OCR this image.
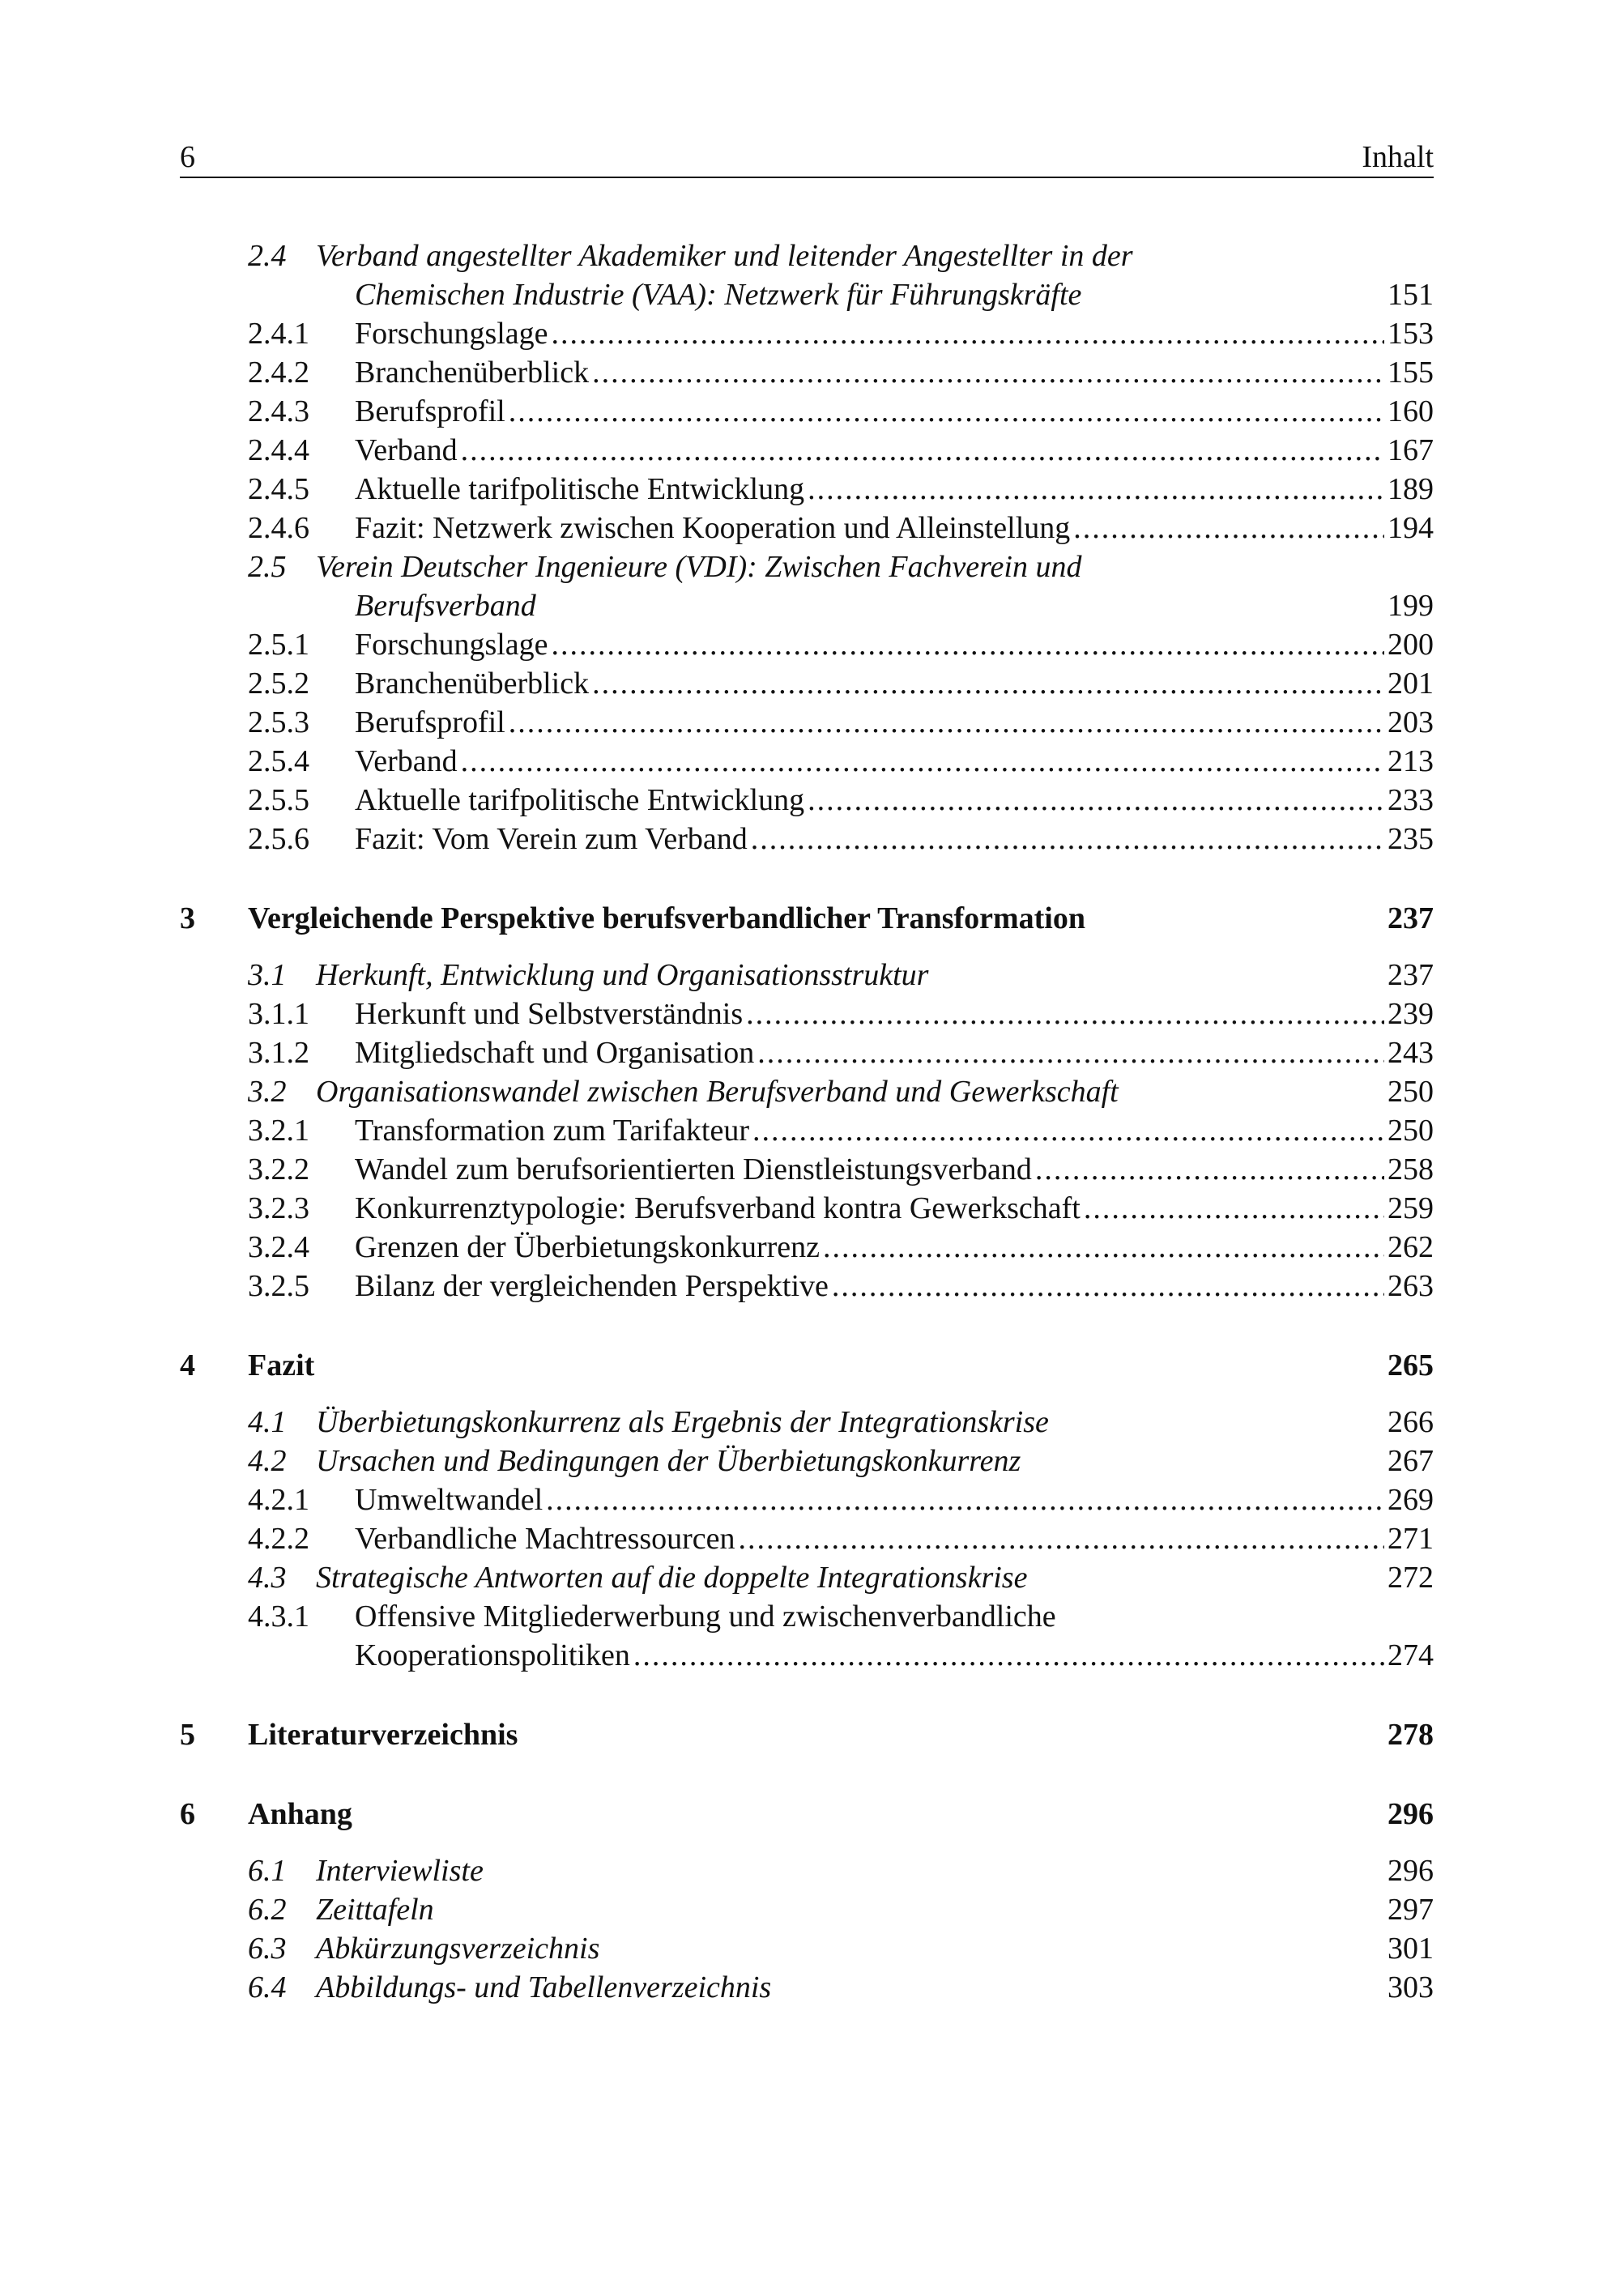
6	Inhalt
2.4 Verband angestellter Akademiker und leitender Angestellter in der
Chemischen Industrie (VAA): Netzwerk für Führungskräfte	151
2.4.1 Forschungslage .....	153
2.4.2 Branchenüberblick .....	155
2.4.3 Berufsprofil .....	160
2.4.4 Verband .....	167
2.4.5 Aktuelle tarifpolitische Entwicklung .....	189
2.4.6 Fazit: Netzwerk zwischen Kooperation und Alleinstellung .....	194
2.5 Verein Deutscher Ingenieure (VDI): Zwischen Fachverein und
Berufsverband	199
2.5.1 Forschungslage .....	200
2.5.2 Branchenüberblick .....	201
2.5.3 Berufsprofil .....	203
2.5.4 Verband .....	213
2.5.5 Aktuelle tarifpolitische Entwicklung .....	233
2.5.6 Fazit: Vom Verein zum Verband .....	235
3 Vergleichende Perspektive berufsverbandlicher Transformation	237
3.1 Herkunft, Entwicklung und Organisationsstruktur	237
3.1.1 Herkunft und Selbstverständnis .....	239
3.1.2 Mitgliedschaft und Organisation .....	243
3.2 Organisationswandel zwischen Berufsverband und Gewerkschaft	250
3.2.1 Transformation zum Tarifakteur .....	250
3.2.2 Wandel zum berufsorientierten Dienstleistungsverband .....	258
3.2.3 Konkurrenztypologie: Berufsverband kontra Gewerkschaft .....	259
3.2.4 Grenzen der Überbietungskonkurrenz .....	262
3.2.5 Bilanz der vergleichenden Perspektive .....	263
4 Fazit	265
4.1 Überbietungskonkurrenz als Ergebnis der Integrationskrise	266
4.2 Ursachen und Bedingungen der Überbietungskonkurrenz	267
4.2.1 Umweltwandel .....	269
4.2.2 Verbandliche Machtressourcen .....	271
4.3 Strategische Antworten auf die doppelte Integrationskrise	272
4.3.1 Offensive Mitgliederwerbung und zwischenverbandliche
Kooperationspolitiken .....	274
5 Literaturverzeichnis	278
6 Anhang	296
6.1 Interviewliste	296
6.2 Zeittafeln	297
6.3 Abkürzungsverzeichnis	301
6.4 Abbildungs- und Tabellenverzeichnis	303
